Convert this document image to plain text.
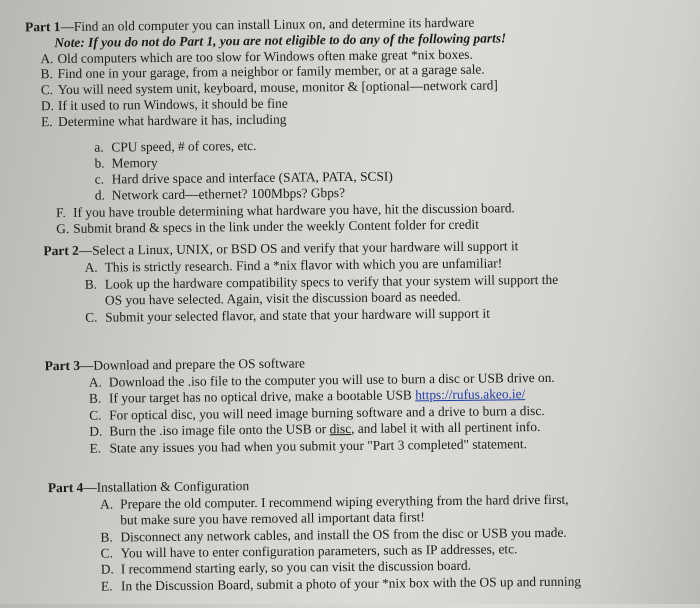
Part 1—Find an old computer you can install Linux on, and determine its hardware
Note: If you do not do Part 1, you are not eligible to do any of the following parts!
A. Old computers which are too slow for Windows often make great *nix boxes.
B. Find one in your garage, from a neighbor or family member, or at a garage sale.
C. You will need system unit, keyboard, mouse, monitor & [optional—network card]
D. If it used to run Windows, it should be fine
E. Determine what hardware it has, including
a. CPU speed, # of cores, etc.
b. Memory
c. Hard drive space and interface (SATA, PATA, SCSI)
d. Network card—ethernet? 100Mbps? Gbps?
F. If you have trouble determining what hardware you have, hit the discussion board.
G. Submit brand & specs in the link under the weekly Content folder for credit
Part 2—Select a Linux, UNIX, or BSD OS and verify that your hardware will support it
A. This is strictly research. Find a *nix flavor with which you are unfamiliar!
B. Look up the hardware compatibility specs to verify that your system will support the
OS you have selected. Again, visit the discussion board as needed.
C. Submit your selected flavor, and state that your hardware will support it
Part 3—Download and prepare the OS software
A. Download the .iso file to the computer you will use to burn a disc or USB drive on.
B. If your target has no optical drive, make a bootable USB https://rufus.akeo.ie/
C. For optical disc, you will need image burning software and a drive to burn a disc.
D. Burn the .iso image file onto the USB or disc, and label it with all pertinent info.
E. State any issues you had when you submit your "Part 3 completed" statement.
Part 4—Installation & Configuration
A. Prepare the old computer. I recommend wiping everything from the hard drive first,
but make sure you have removed all important data first!
B. Disconnect any network cables, and install the OS from the disc or USB you made.
C. You will have to enter configuration parameters, such as IP addresses, etc.
D. I recommend starting early, so you can visit the discussion board.
E. In the Discussion Board, submit a photo of your *nix box with the OS up and running
